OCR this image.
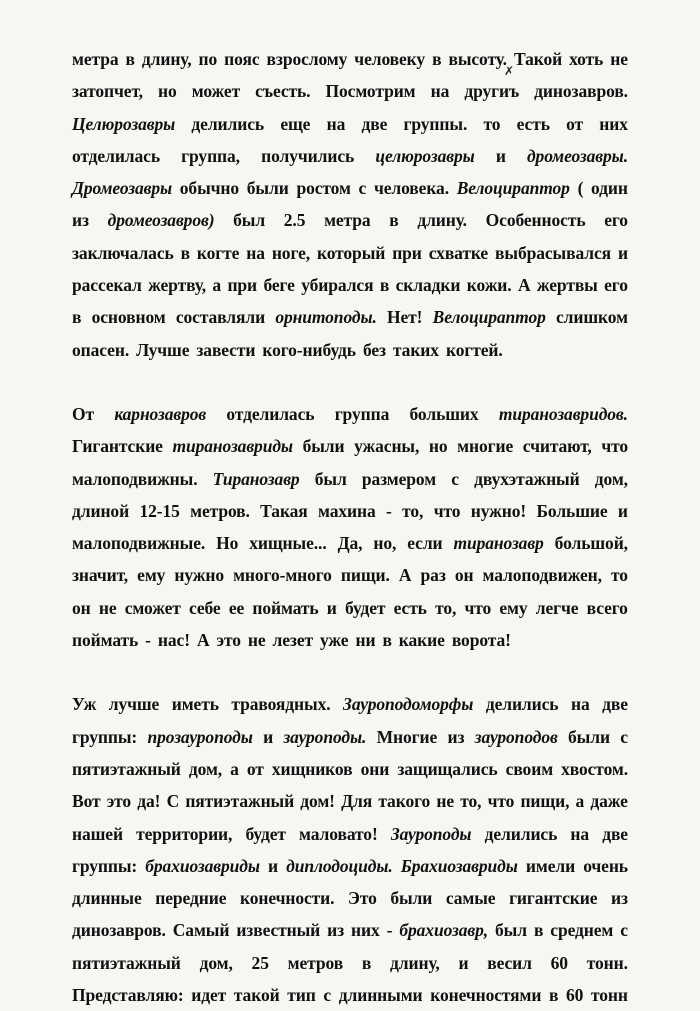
метра в длину, по пояс взрослому человеку в высоту. Такой хоть не
затопчет, но может съесть. Посмотрим на другиъ динозавров.
Целюрозавры делились еще на две группы. то есть от них
отделилась группа, получились целюрозавры и дромеозавры.
Дромеозавры обычно были ростом с человека. Велоцираптор ( один
из дромеозавров) был 2.5 метра в длину. Особенность его
заключалась в когте на ноге, который при схватке выбрасывался и
рассекал жертву, а при беге убирался в складки кожи. А жертвы его
в основном составляли орнитоподы. Нет! Велоцираптор слишком
опасен. Лучше завести кого-нибудь без таких когтей.
От карнозавров отделилась группа больших тиранозавридов.
Гигантские тиранозавриды были ужасны, но многие считают, что
малоподвижны. Тиранозавр был размером с двухэтажный дом,
длиной 12-15 метров. Такая махина - то, что нужно! Большие и
малоподвижные. Но хищные... Да, но, если тиранозавр большой,
значит, ему нужно много-много пищи. А раз он малоподвижен, то
он не сможет себе ее поймать и будет есть то, что ему легче всего
поймать - нас! А это не лезет уже ни в какие ворота!
Уж лучше иметь травоядных. Зауроподоморфы делились на две
группы: прозауроподы и зауроподы. Многие из зауроподов были с
пятиэтажный дом, а от хищников они защищались своим хвостом.
Вот это да! С пятиэтажный дом! Для такого не то, что пищи, а даже
нашей территории, будет маловато! Зауроподы делились на две
группы: брахиозавриды и диплодоциды. Брахиозавриды имели очень
длинные передние конечности. Это были самые гигантские из
динозавров. Самый известный из них - брахиозавр, был в среднем с
пятиэтажный дом, 25 метров в длину, и весил 60 тонн.
Представляю: идет такой тип с длинными конечностями в 60 тонн
✗
